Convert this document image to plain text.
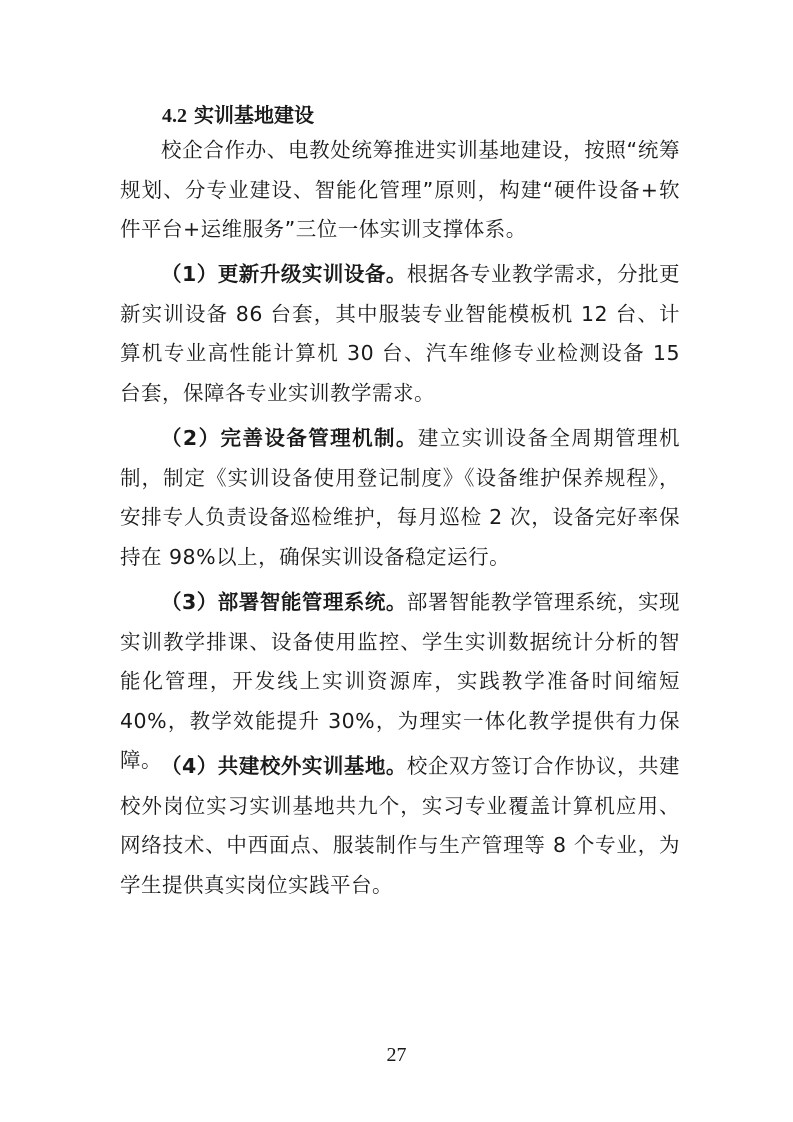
4.2 实训基地建设

校企合作办、电教处统筹推进实训基地建设，按照“统筹规划、分专业建设、智能化管理”原则，构建“硬件设备+软件平台+运维服务”三位一体实训支撑体系。

（1）更新升级实训设备。根据各专业教学需求，分批更新实训设备 86 台套，其中服装专业智能模板机 12 台、计算机专业高性能计算机 30 台、汽车维修专业检测设备 15 台套，保障各专业实训教学需求。

（2）完善设备管理机制。建立实训设备全周期管理机制，制定《实训设备使用登记制度》《设备维护保养规程》，安排专人负责设备巡检维护，每月巡检 2 次，设备完好率保持在 98%以上，确保实训设备稳定运行。

（3）部署智能管理系统。部署智能教学管理系统，实现实训教学排课、设备使用监控、学生实训数据统计分析的智能化管理，开发线上实训资源库，实践教学准备时间缩短 40%，教学效能提升 30%，为理实一体化教学提供有力保障。 （4）共建校外实训基地。校企双方签订合作协议，共建校外岗位实习实训基地共九个，实习专业覆盖计算机应用、网络技术、中西面点、服装制作与生产管理等 8 个专业，为学生提供真实岗位实践平台。

27
